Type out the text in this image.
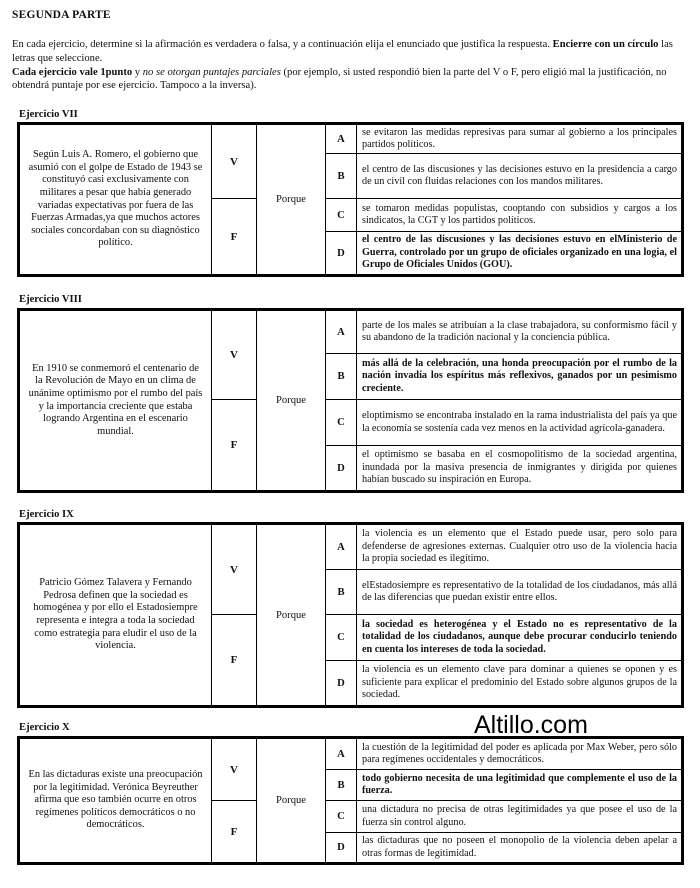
SEGUNDA PARTE
En cada ejercicio, determine si la afirmación es verdadera o falsa, y a continuación elija el enunciado que justifica la respuesta. Encierre con un círculo las letras que seleccione.
Cada ejercicio vale 1punto y no se otorgan puntajes parciales (por ejemplo, si usted respondió bien la parte del V o F, pero eligió mal la justificación, no obtendrá puntaje por ese ejercicio. Tampoco a la inversa).
Ejercicio VII
Según Luis A. Romero, el gobierno que asumió con el golpe de Estado de 1943 se constituyó casi exclusivamente con militares a pesar que había generado variadas expectativas por fuera de las Fuerzas Armadas,ya que muchos actores sociales concordaban con su diagnóstico político.	V	Porque	A	se evitaron las medidas represivas para sumar al gobierno a los principales partidos políticos.
			B	el centro de las discusiones y las decisiones estuvo en la presidencia a cargo de un civil con fluidas relaciones con los mandos militares.
	F		C	se tomaron medidas populistas, cooptando con subsidios y cargos a los sindicatos, la CGT y los partidos políticos.
			D	el centro de las discusiones y las decisiones estuvo en elMinisterio de Guerra, controlado por un grupo de oficiales organizado en una logia, el Grupo de Oficiales Unidos (GOU).
Ejercicio VIII
En 1910 se conmemoró el centenario de la Revolución de Mayo en un clima de unánime optimismo por el rumbo del país y la importancia creciente que estaba logrando Argentina en el escenario mundial.	V	Porque	A	parte de los males se atribuían a la clase trabajadora, su conformismo fácil y su abandono de la tradición nacional y la conciencia pública.
			B	más allá de la celebración, una honda preocupación por el rumbo de la nación invadía los espíritus más reflexivos, ganados por un pesimismo creciente.
	F		C	eloptimismo se encontraba instalado en la rama industrialista del país ya que la economía se sostenía cada vez menos en la actividad agrícola-ganadera.
			D	el optimismo se basaba en el cosmopolitismo de la sociedad argentina, inundada por la masiva presencia de inmigrantes y dirigida por quienes habían buscado su inspiración en Europa.
Ejercicio IX
Patricio Gómez Talavera y Fernando Pedrosa definen que la sociedad es homogénea y por ello el Estadosiempre representa e integra a toda la sociedad como estrategia para eludir el uso de la violencia.	V	Porque	A	la violencia es un elemento que el Estado puede usar, pero solo para defenderse de agresiones externas. Cualquier otro uso de la violencia hacia la propia sociedad es ilegítimo.
			B	elEstadosiempre es representativo de la totalidad de los ciudadanos, más allá de las diferencias que puedan existir entre ellos.
	F		C	la sociedad es heterogénea y el Estado no es representativo de la totalidad de los ciudadanos, aunque debe procurar conducirlo teniendo en cuenta los intereses de toda la sociedad.
			D	la violencia es un elemento clave para dominar a quienes se oponen y es suficiente para explicar el predominio del Estado sobre algunos grupos de la sociedad.
Ejercicio X	Altillo.com
En las dictaduras existe una preocupación por la legitimidad. Verónica Beyreuther afirma que eso también ocurre en otros regímenes políticos democráticos o no democráticos.	V	Porque	A	la cuestión de la legitimidad del poder es aplicada por Max Weber, pero sólo para regímenes occidentales y democráticos.
			B	todo gobierno necesita de una legitimidad que complemente el uso de la fuerza.
	F		C	una dictadura no precisa de otras legitimidades ya que posee el uso de la fuerza sin control alguno.
			D	las dictaduras que no poseen el monopolio de la violencia deben apelar a otras formas de legitimidad.
